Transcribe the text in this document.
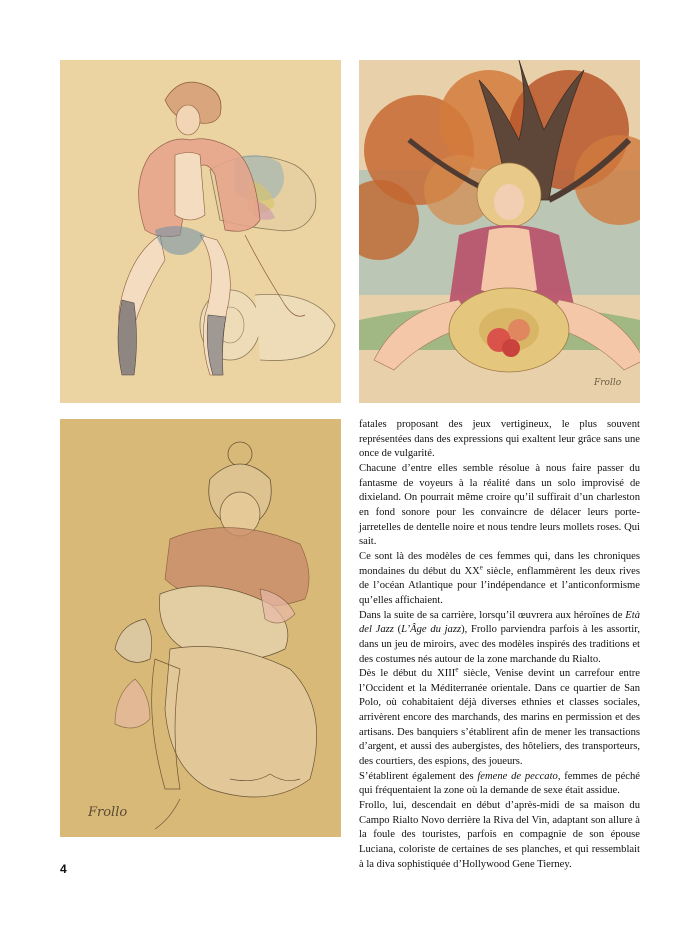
Frollo
Frollo

fatales proposant des jeux vertigineux, le plus souvent représentées dans des expressions qui exaltent leur grâce sans une once de vulgarité.

Chacune d’entre elles semble résolue à nous faire passer du fantasme de voyeurs à la réalité dans un solo improvisé de dixieland. On pourrait même croire qu’il suffirait d’un charleston en fond sonore pour les convaincre de délacer leurs porte-jarretelles de dentelle noire et nous tendre leurs mollets roses. Qui sait.

Ce sont là des modèles de ces femmes qui, dans les chroniques mondaines du début du XXe siècle, enflammèrent les deux rives de l’océan Atlantique pour l’indépendance et l’anticonformisme qu’elles affichaient.

Dans la suite de sa carrière, lorsqu’il œuvrera aux héroïnes de Età del Jazz (L’Âge du jazz), Frollo parviendra parfois à les assortir, dans un jeu de miroirs, avec des modèles inspirés des traditions et des costumes nés autour de la zone marchande du Rialto.

Dès le début du XIIIe siècle, Venise devint un carrefour entre l’Occident et la Méditerranée orientale. Dans ce quartier de San Polo, où cohabitaient déjà diverses ethnies et classes sociales, arrivèrent encore des marchands, des marins en permission et des artisans. Des banquiers s’établirent afin de mener les transactions d’argent, et aussi des aubergistes, des hôteliers, des transporteurs, des courtiers, des espions, des joueurs.

S’établirent également des femene de peccato, femmes de péché qui fréquentaient la zone où la demande de sexe était assidue.

Frollo, lui, descendait en début d’après-midi de sa maison du Campo Rialto Novo derrière la Riva del Vin, adaptant son allure à la foule des touristes, parfois en compagnie de son épouse Luciana, coloriste de certaines de ses planches, et qui ressemblait à la diva sophistiquée d’Hollywood Gene Tierney.

4
